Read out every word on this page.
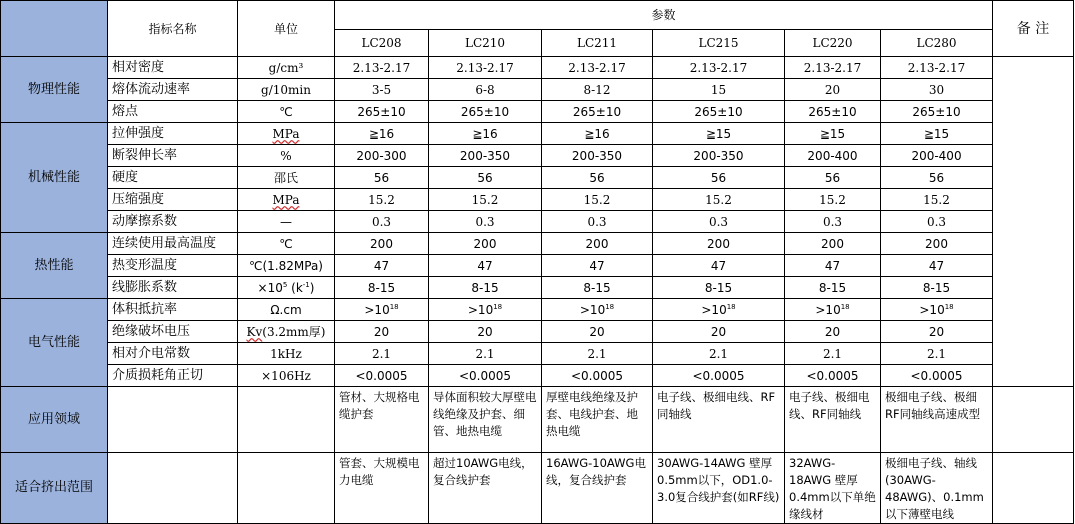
	指标名称	单位	参数						备 注
			LC208	LC210	LC211	LC215	LC220	LC280	
物理性能	相对密度	g/cm³	2.13-2.17	2.13-2.17	2.13-2.17	2.13-2.17	2.13-2.17	2.13-2.17	
	熔体流动速率	g/10min	3-5	6-8	8-12	15	20	30	
	熔点	℃	265±10	265±10	265±10	265±10	265±10	265±10	
机械性能	拉伸强度	MPa	≧16	≧16	≧16	≧15	≧15	≧15	
	断裂伸长率	%	200-300	200-350	200-350	200-350	200-400	200-400	
	硬度	邵氏	56	56	56	56	56	56	
	压缩强度	MPa	15.2	15.2	15.2	15.2	15.2	15.2	
	动摩擦系数	—	0.3	0.3	0.3	0.3	0.3	0.3	
热性能	连续使用最高温度	℃	200	200	200	200	200	200	
	热变形温度	℃(1.82MPa)	47	47	47	47	47	47	
	线膨胀系数	$\times 10^5$ $(k^{-1})$	8-15	8-15	8-15	8-15	8-15	8-15	
电气性能	体积抵抗率	Ω.cm	$>10^{18}$	$>10^{18}$	$>10^{18}$	$>10^{18}$	$>10^{18}$	$>10^{18}$
	绝缘破坏电压	Kv(3.2mm厚)	20	20	20	20	20	20	
	相对介电常数	1kHz	2.1	2.1	2.1	2.1	2.1	2.1	
	介质损耗角正切	×106Hz	<0.0005	<0.0005	<0.0005	<0.0005	<0.0005	<0.0005	
应用领域			管材、大规格电缆护套	导体面积较大厚壁电线绝缘及护套、细管、地热电缆	厚壁电线绝缘及护套、电线护套、地热电缆	电子线、极细电线、RF同轴线	电子线、极细电线、RF同轴线	极细电子线、极细RF同轴线高速成型	
适合挤出范围			管套、大规模电力电缆	超过10AWG电线，复合线护套	16AWG-10AWG电线，复合线护套	30AWG-14AWG 壁厚0.5mm以下，OD1.0-3.0复合线护套(如RF线)	32AWG-18AWG 壁厚0.4mm以下单绝缘线材	极细电子线、轴线(30AWG-48AWG)、0.1mm以下薄壁电线	
